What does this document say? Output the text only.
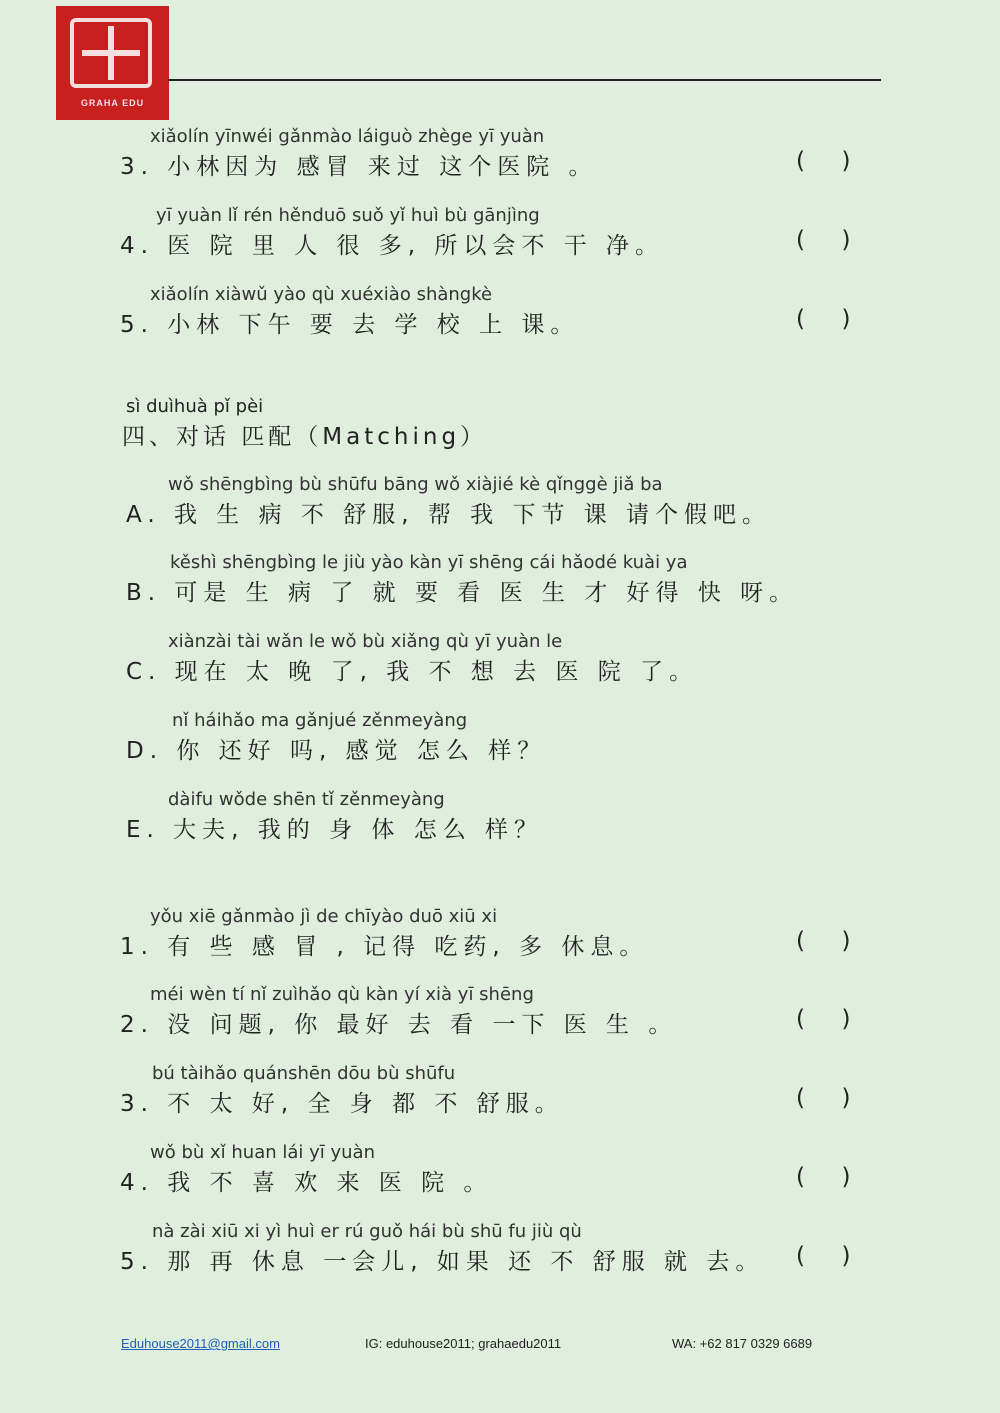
GRAHA EDU
xiǎolín yīnwéi gǎnmào láiguò zhège yī yuàn
3. 小林因为 感冒 来过 这个医院 。	(     )
yī yuàn lǐ rén hěnduō suǒ yǐ huì bù gānjìng
4. 医 院 里 人 很 多, 所以会不 干 净。	(     )
xiǎolín xiàwǔ yào qù xuéxiào shàngkè
5. 小林 下午 要 去 学 校 上 课。	(     )
sì duìhuà pǐ pèi
四、对话 匹配（Matching）
wǒ shēngbìng bù shūfu bāng wǒ xiàjié kè qǐnggè jiǎ ba
A. 我 生 病 不 舒服, 帮 我 下节 课 请个假吧。
kěshì shēngbìng le jiù yào kàn yī shēng cái hǎodé kuài ya
B. 可是 生 病 了 就 要 看 医 生 才 好得 快 呀。
xiànzài tài wǎn le wǒ bù xiǎng qù yī yuàn le
C. 现在 太 晚 了, 我 不 想 去 医 院 了。
nǐ háihǎo ma gǎnjué zěnmeyàng
D. 你 还好 吗, 感觉 怎么 样？
dàifu wǒde shēn tǐ zěnmeyàng
E. 大夫, 我的 身 体 怎么 样？
yǒu xiē gǎnmào jì de chīyào duō xiū xi
1. 有 些 感 冒 , 记得 吃药, 多 休息。	(     )
méi wèn tí nǐ zuìhǎo qù kàn yí xià yī shēng
2. 没 问题, 你 最好 去 看 一下 医 生 。	(     )
bú tàihǎo quánshēn dōu bù shūfu
3. 不 太 好, 全 身 都 不 舒服。	(     )
wǒ bù xǐ huan lái yī yuàn
4. 我 不 喜 欢 来 医 院 。	(     )
nà zài xiū xi yì huì er rú guǒ hái bù shū fu jiù qù
5. 那 再 休息 一会儿, 如果 还 不 舒服 就 去。 (     )
Eduhouse2011@gmail.com	IG: eduhouse2011; grahaedu2011	WA: +62 817 0329 6689
